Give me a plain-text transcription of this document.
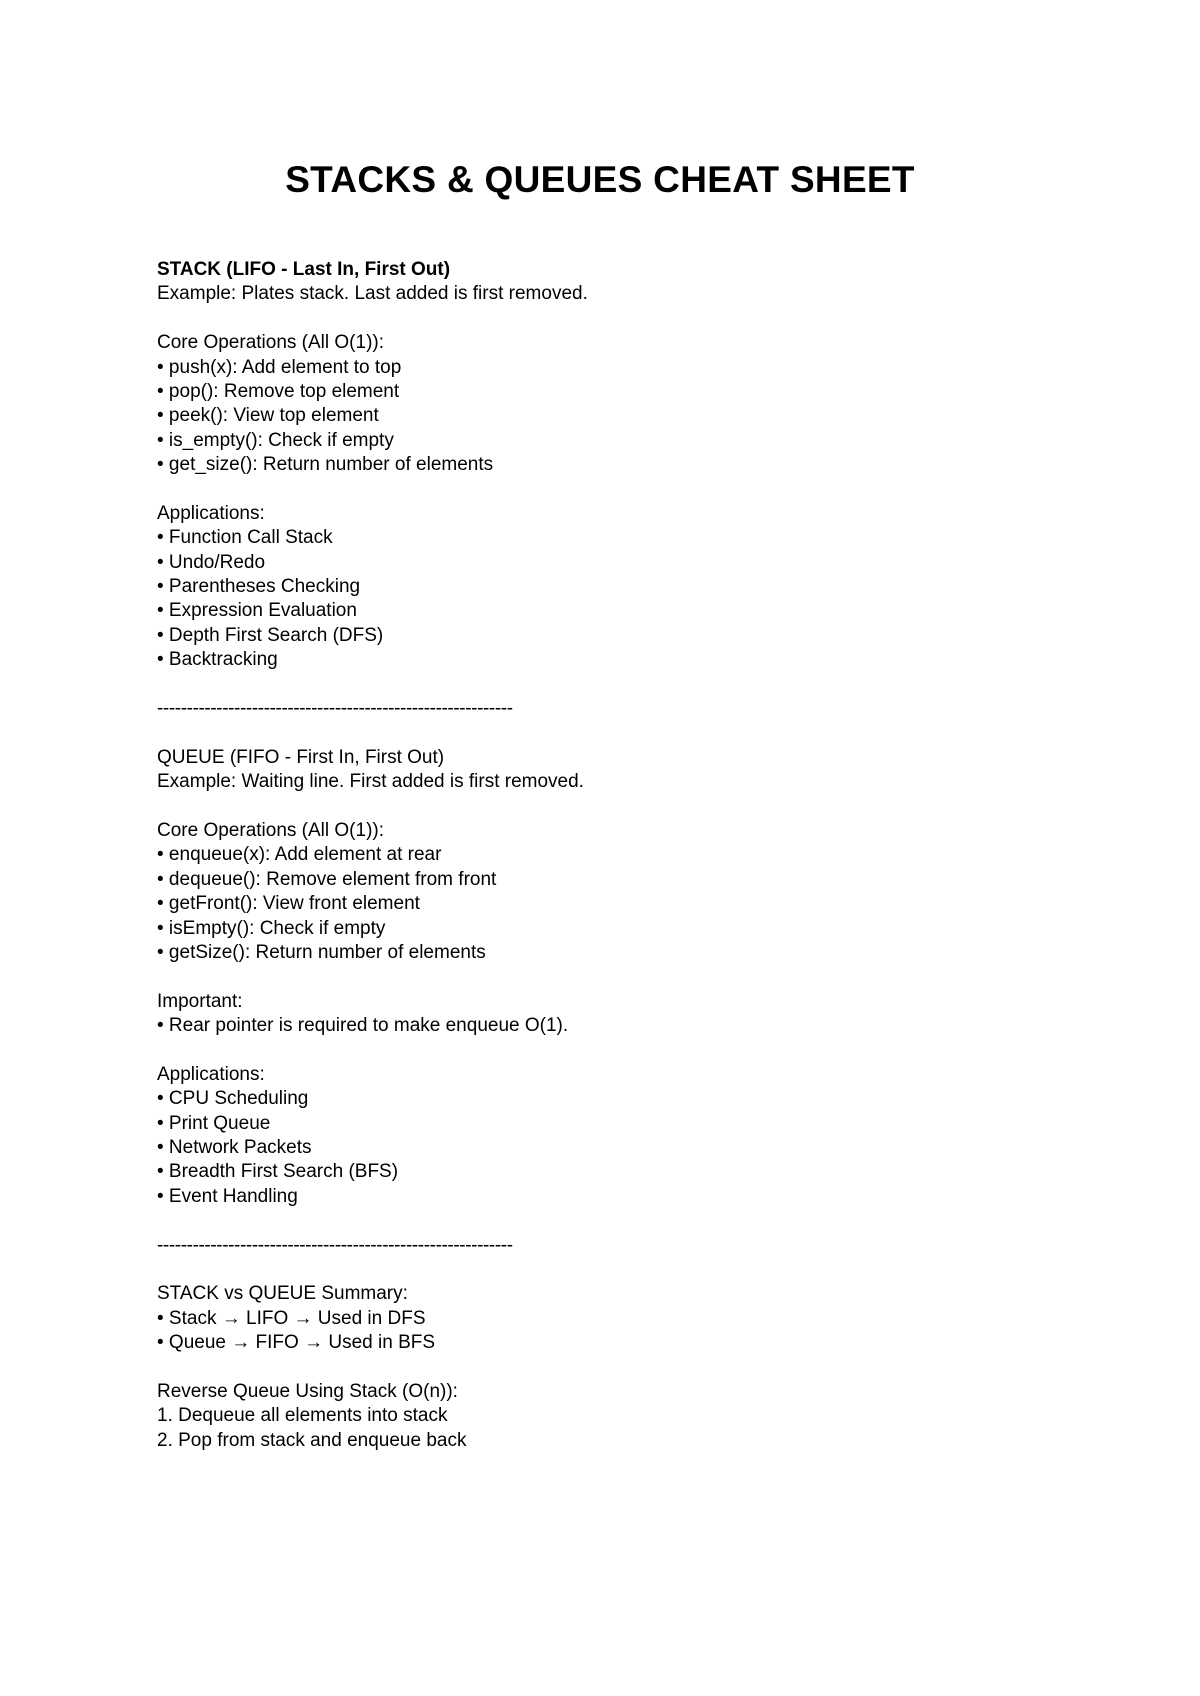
STACKS & QUEUES CHEAT SHEET
STACK (LIFO - Last In, First Out)
Example: Plates stack. Last added is first removed.
Core Operations (All O(1)):
• push(x): Add element to top
• pop(): Remove top element
• peek(): View top element
• is_empty(): Check if empty
• get_size(): Return number of elements
Applications:
• Function Call Stack
• Undo/Redo
• Parentheses Checking
• Expression Evaluation
• Depth First Search (DFS)
• Backtracking
------------------------------------------------------------
QUEUE (FIFO - First In, First Out)
Example: Waiting line. First added is first removed.
Core Operations (All O(1)):
• enqueue(x): Add element at rear
• dequeue(): Remove element from front
• getFront(): View front element
• isEmpty(): Check if empty
• getSize(): Return number of elements
Important:
• Rear pointer is required to make enqueue O(1).
Applications:
• CPU Scheduling
• Print Queue
• Network Packets
• Breadth First Search (BFS)
• Event Handling
------------------------------------------------------------
STACK vs QUEUE Summary:
• Stack → LIFO → Used in DFS
• Queue → FIFO → Used in BFS
Reverse Queue Using Stack (O(n)):
1. Dequeue all elements into stack
2. Pop from stack and enqueue back
